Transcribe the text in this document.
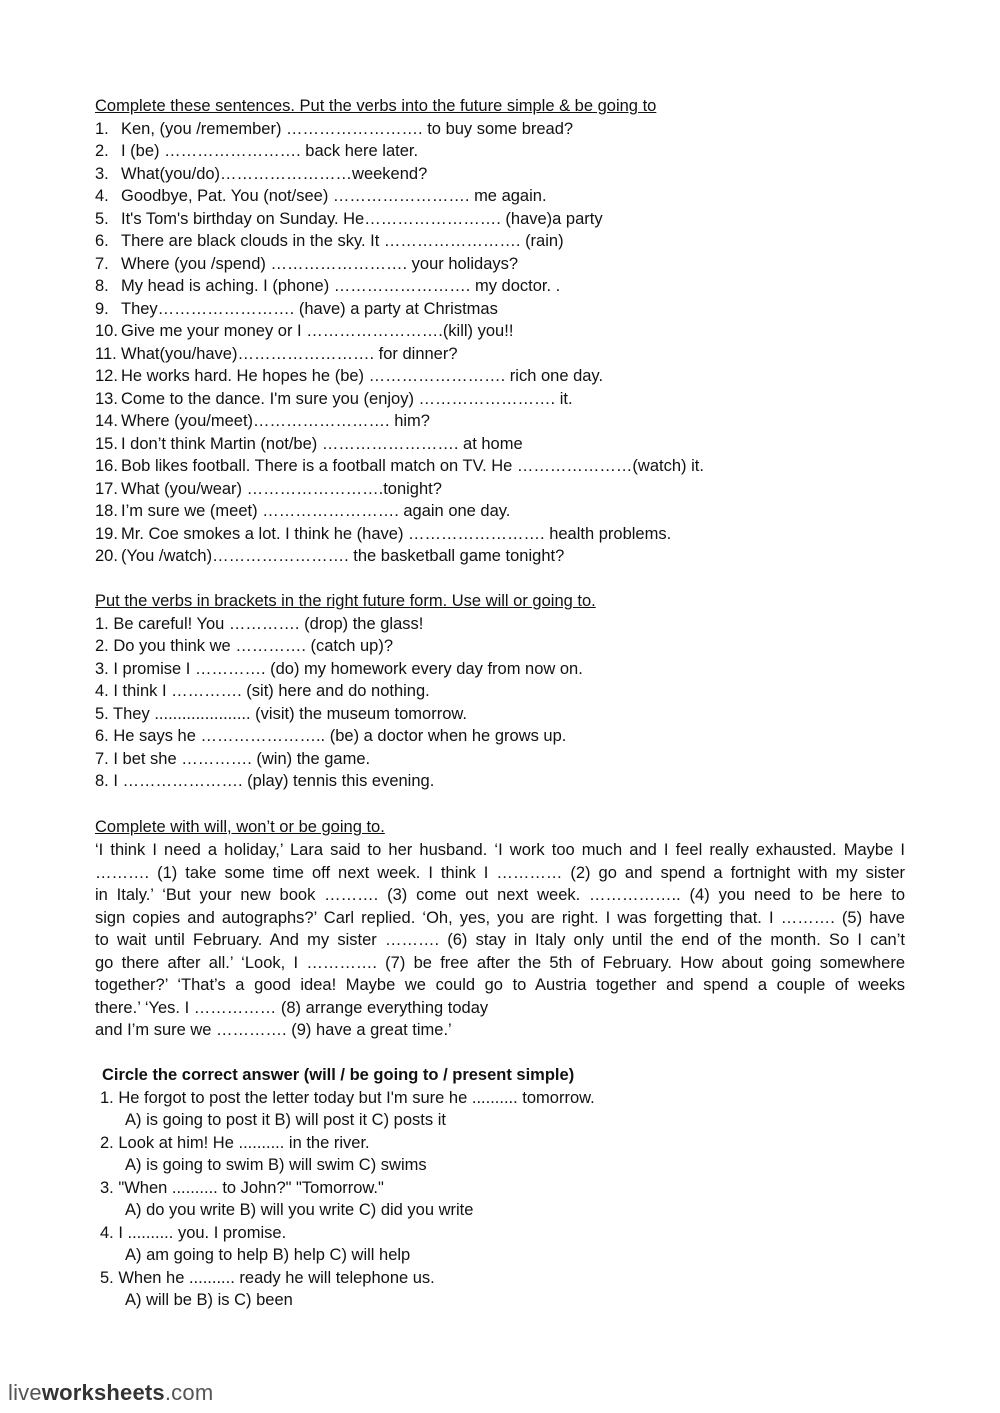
Complete these sentences. Put the verbs into the future simple & be going to
1. Ken, (you /remember) ……………………. to buy some bread?
2. I (be) ……………………. back here later.
3. What(you/do)……………………weekend?
4. Goodbye, Pat. You (not/see) ……………………. me again.
5. It's Tom's birthday on Sunday. He……………………. (have)a party
6. There are black clouds in the sky. It ……………………. (rain)
7. Where (you /spend) ……………………. your holidays?
8. My head is aching. I (phone) ……………………. my doctor. .
9. They……………………. (have) a party at Christmas
10. Give me your money or I …………………….(kill) you!!
11. What(you/have)……………………. for dinner?
12. He works hard. He hopes he (be) ……………………. rich one day.
13. Come to the dance. I'm sure you (enjoy) ……………………. it.
14. Where (you/meet)……………………. him?
15. I don’t think Martin (not/be) ……………………. at home
16. Bob likes football. There is a football match on TV. He …………………(watch) it.
17. What (you/wear) …………………….tonight?
18. I’m sure we (meet) ……………………. again one day.
19. Mr. Coe smokes a lot. I think he (have) ……………………. health problems.
20. (You /watch)……………………. the basketball game tonight?
Put the verbs in brackets in the right future form. Use will or going to.
1. Be careful! You …………. (drop) the glass!
2. Do you think we …………. (catch up)?
3. I promise I …………. (do) my homework every day from now on.
4. I think I …………. (sit) here and do nothing.
5. They ..................... (visit) the museum tomorrow.
6. He says he ………………….. (be) a doctor when he grows up.
7. I bet she …………. (win) the game.
8. I …………………. (play) tennis this evening.
Complete with will, won’t or be going to.
‘I think I need a holiday,’ Lara said to her husband. ‘I work too much and I feel really exhausted. Maybe I
………. (1) take some time off next week. I think I ………… (2) go and spend a fortnight with my sister
in Italy.’ ‘But your new book ………. (3) come out next week. …………….. (4) you need to be here to
sign copies and autographs?’ Carl replied. ‘Oh, yes, you are right. I was forgetting that. I ………. (5) have
to wait until February. And my sister ………. (6) stay in Italy only until the end of the month. So I can’t
go there after all.’ ‘Look, I …………. (7) be free after the 5th of February. How about going somewhere
together?’ ‘That’s a good idea! Maybe we could go to Austria together and spend a couple of weeks
there.’ ‘Yes. I …………… (8) arrange everything today
and I’m sure we …………. (9) have a great time.’
Circle the correct answer (will / be going to / present simple)
1. He forgot to post the letter today but I'm sure he .......... tomorrow.
A) is going to post it B) will post it C) posts it
2. Look at him! He .......... in the river.
A) is going to swim B) will swim C) swims
3. "When .......... to John?" "Tomorrow."
A) do you write B) will you write C) did you write
4. I .......... you. I promise.
A) am going to help B) help C) will help
5. When he .......... ready he will telephone us.
A) will be B) is C) been
liveworksheets.com
